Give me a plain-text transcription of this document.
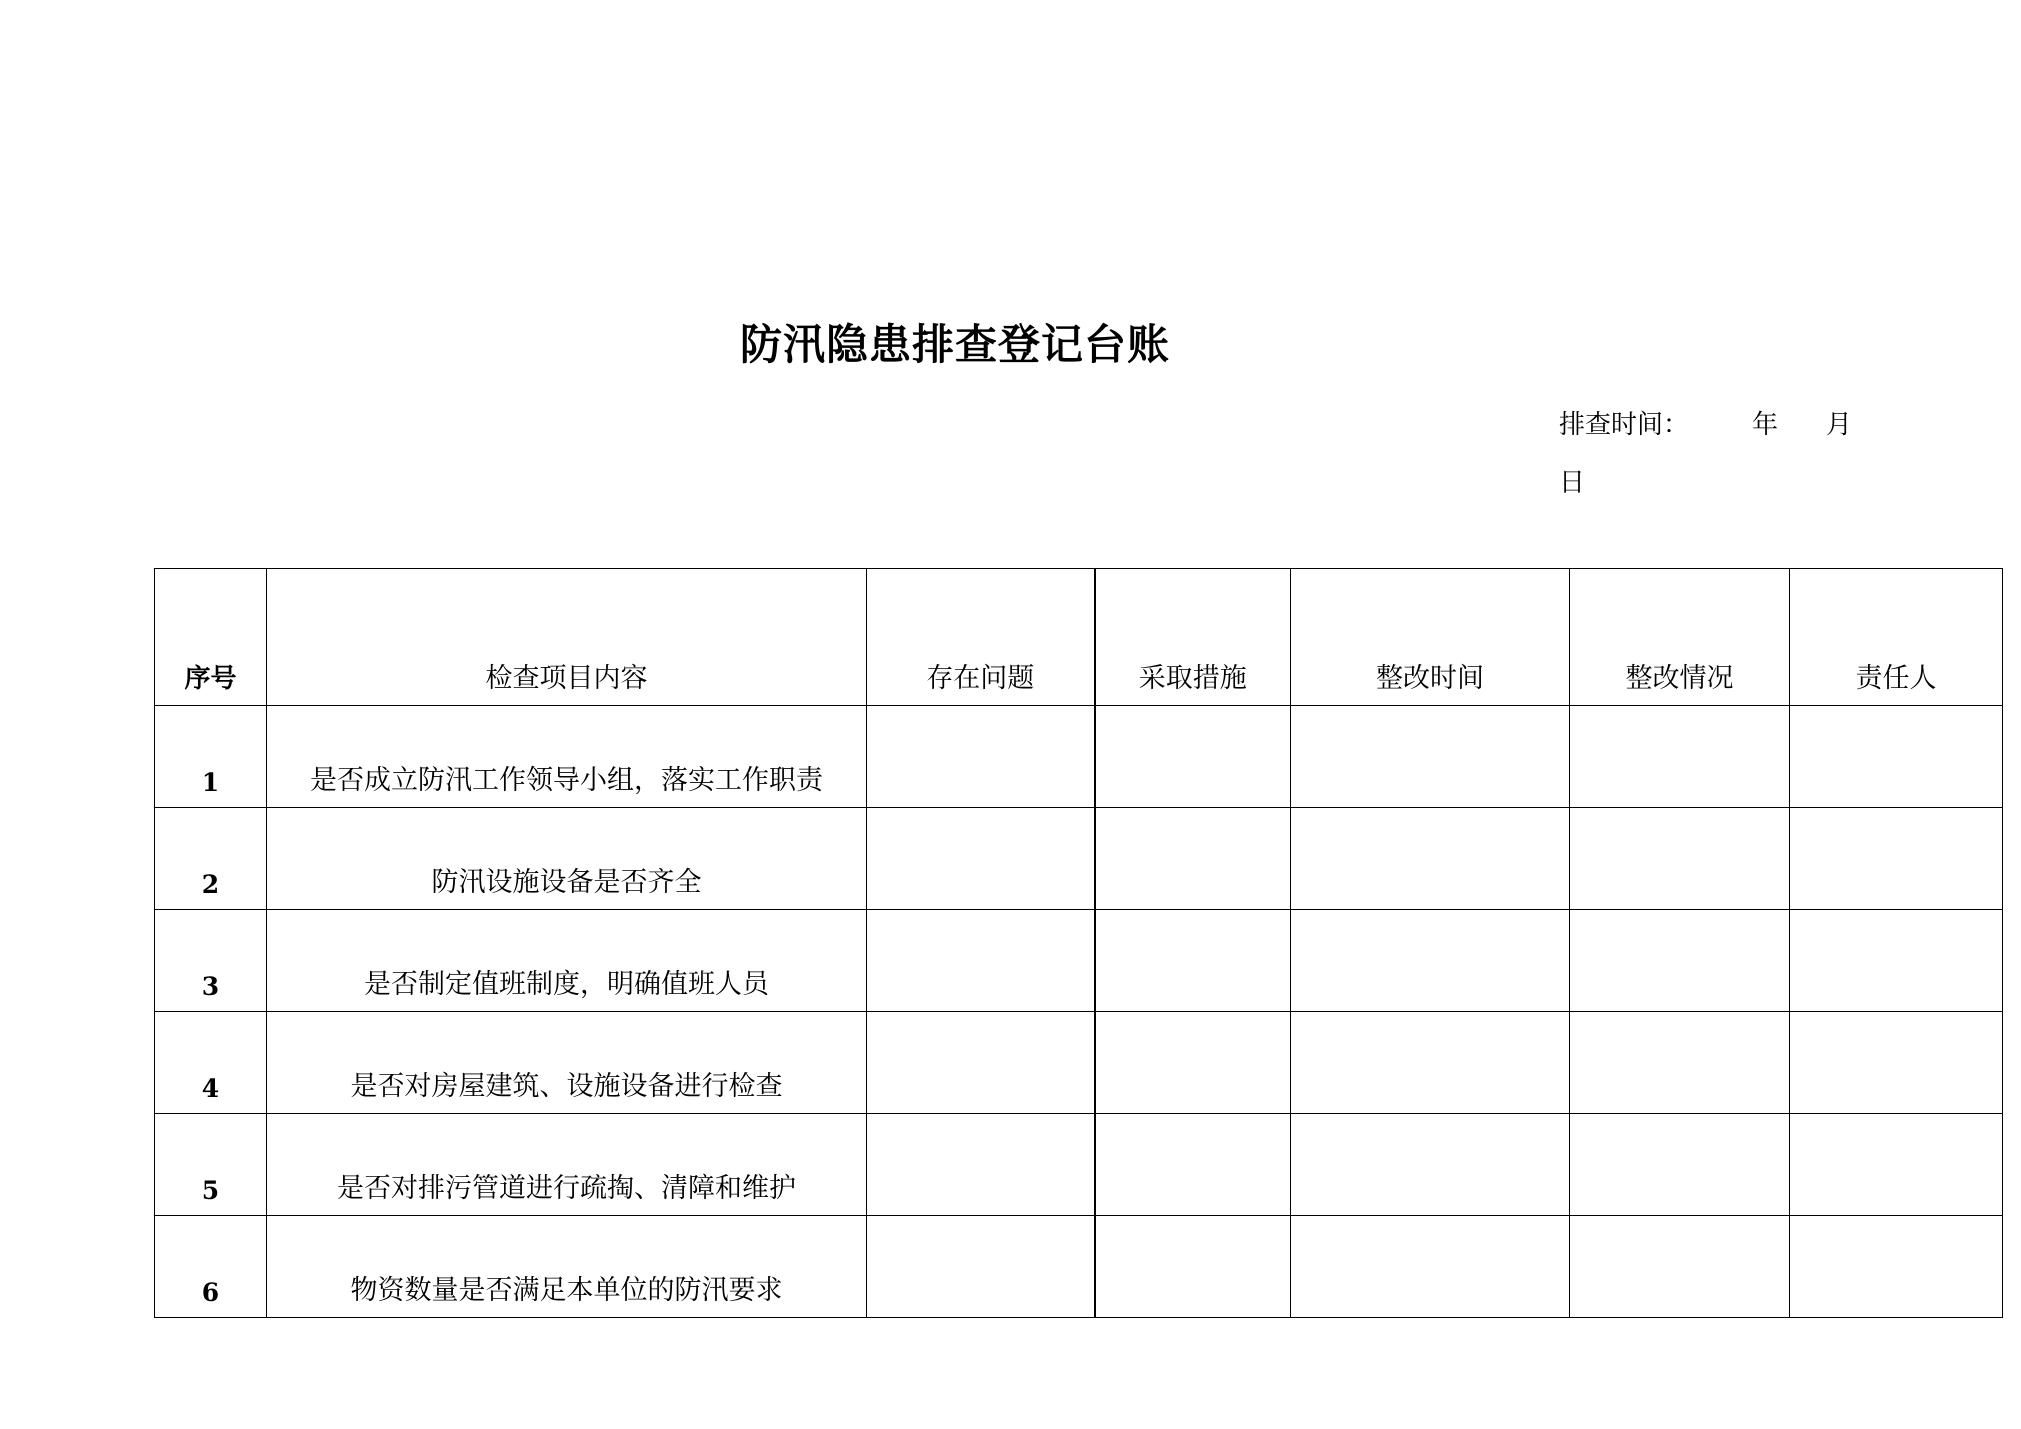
防汛隐患排查登记台账
排查时间： 年 月
日
序号	检查项目内容	存在问题	采取措施	整改时间	整改情况	责任人
1	是否成立防汛工作领导小组，落实工作职责					
2	防汛设施设备是否齐全					
3	是否制定值班制度，明确值班人员					
4	是否对房屋建筑、设施设备进行检查					
5	是否对排污管道进行疏掏、清障和维护					
6	物资数量是否满足本单位的防汛要求					
